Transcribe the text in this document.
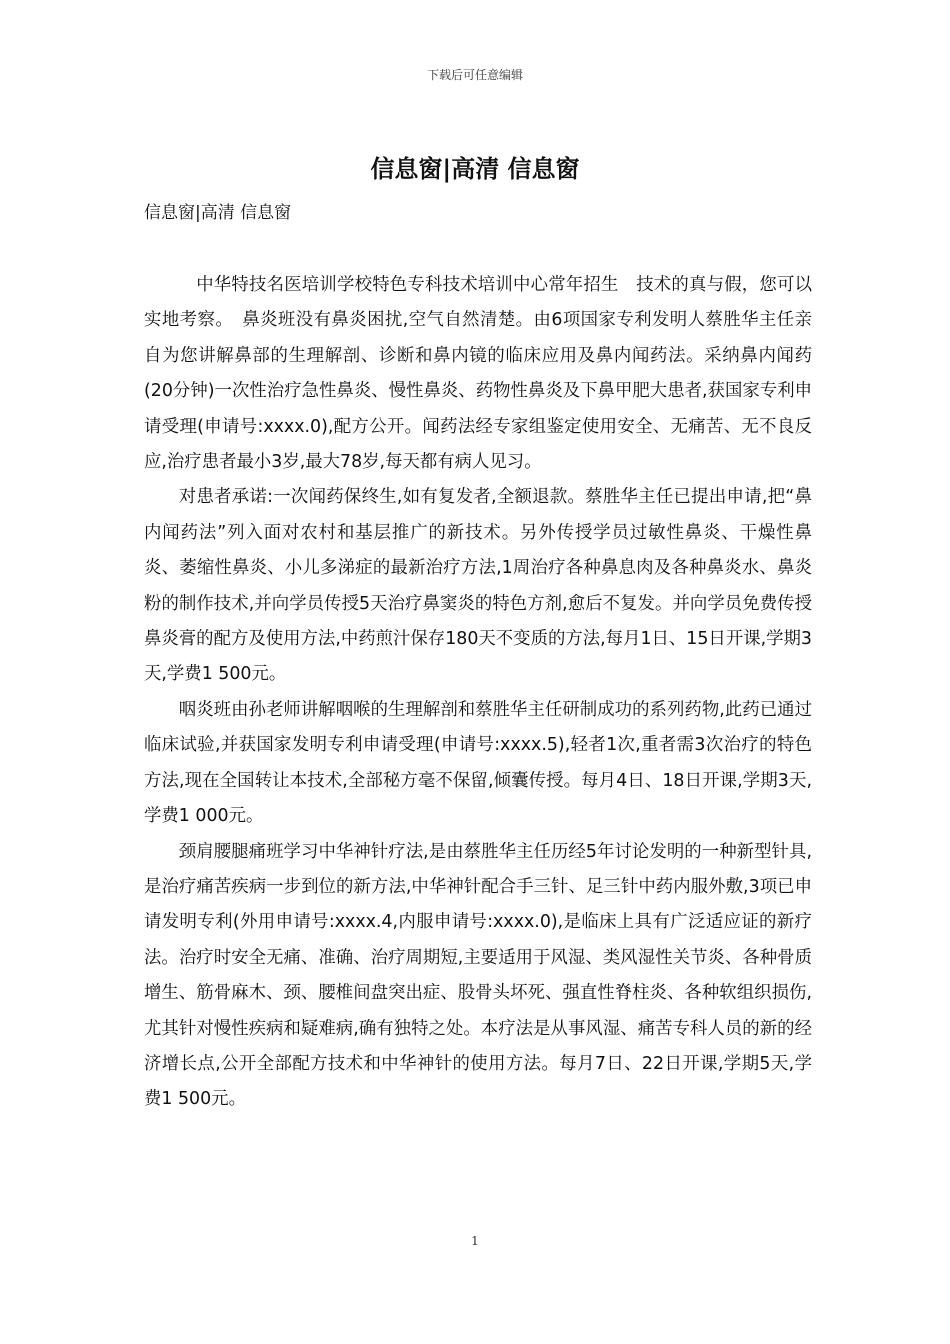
下载后可任意编辑
信息窗|高清 信息窗
信息窗|高清 信息窗

中华特技名医培训学校特色专科技术培训中心常年招生　技术的真与假，您可以实地考察。　鼻炎班没有鼻炎困扰,空气自然清楚。由6项国家专利发明人蔡胜华主任亲自为您讲解鼻部的生理解剖、诊断和鼻内镜的临床应用及鼻内闻药法。采纳鼻内闻药(20分钟)一次性治疗急性鼻炎、慢性鼻炎、药物性鼻炎及下鼻甲肥大患者,获国家专利申请受理(申请号:xxxx.0),配方公开。闻药法经专家组鉴定使用安全、无痛苦、无不良反应,治疗患者最小3岁,最大78岁,每天都有病人见习。

对患者承诺:一次闻药保终生,如有复发者,全额退款。蔡胜华主任已提出申请,把“鼻内闻药法”列入面对农村和基层推广的新技术。另外传授学员过敏性鼻炎、干燥性鼻炎、萎缩性鼻炎、小儿多涕症的最新治疗方法,1周治疗各种鼻息肉及各种鼻炎水、鼻炎粉的制作技术,并向学员传授5天治疗鼻窦炎的特色方剂,愈后不复发。并向学员免费传授鼻炎膏的配方及使用方法,中药煎汁保存180天不变质的方法,每月1日、15日开课,学期3天,学费1 500元。

咽炎班由孙老师讲解咽喉的生理解剖和蔡胜华主任研制成功的系列药物,此药已通过临床试验,并获国家发明专利申请受理(申请号:xxxx.5),轻者1次,重者需3次治疗的特色方法,现在全国转让本技术,全部秘方毫不保留,倾囊传授。每月4日、18日开课,学期3天,学费1 000元。

颈肩腰腿痛班学习中华神针疗法,是由蔡胜华主任历经5年讨论发明的一种新型针具,是治疗痛苦疾病一步到位的新方法,中华神针配合手三针、足三针中药内服外敷,3项已申请发明专利(外用申请号:xxxx.4,内服申请号:xxxx.0),是临床上具有广泛适应证的新疗法。治疗时安全无痛、准确、治疗周期短,主要适用于风湿、类风湿性关节炎、各种骨质增生、筋骨麻木、颈、腰椎间盘突出症、股骨头坏死、强直性脊柱炎、各种软组织损伤,尤其针对慢性疾病和疑难病,确有独特之处。本疗法是从事风湿、痛苦专科人员的新的经济增长点,公开全部配方技术和中华神针的使用方法。每月7日、22日开课,学期5天,学费1 500元。

1
